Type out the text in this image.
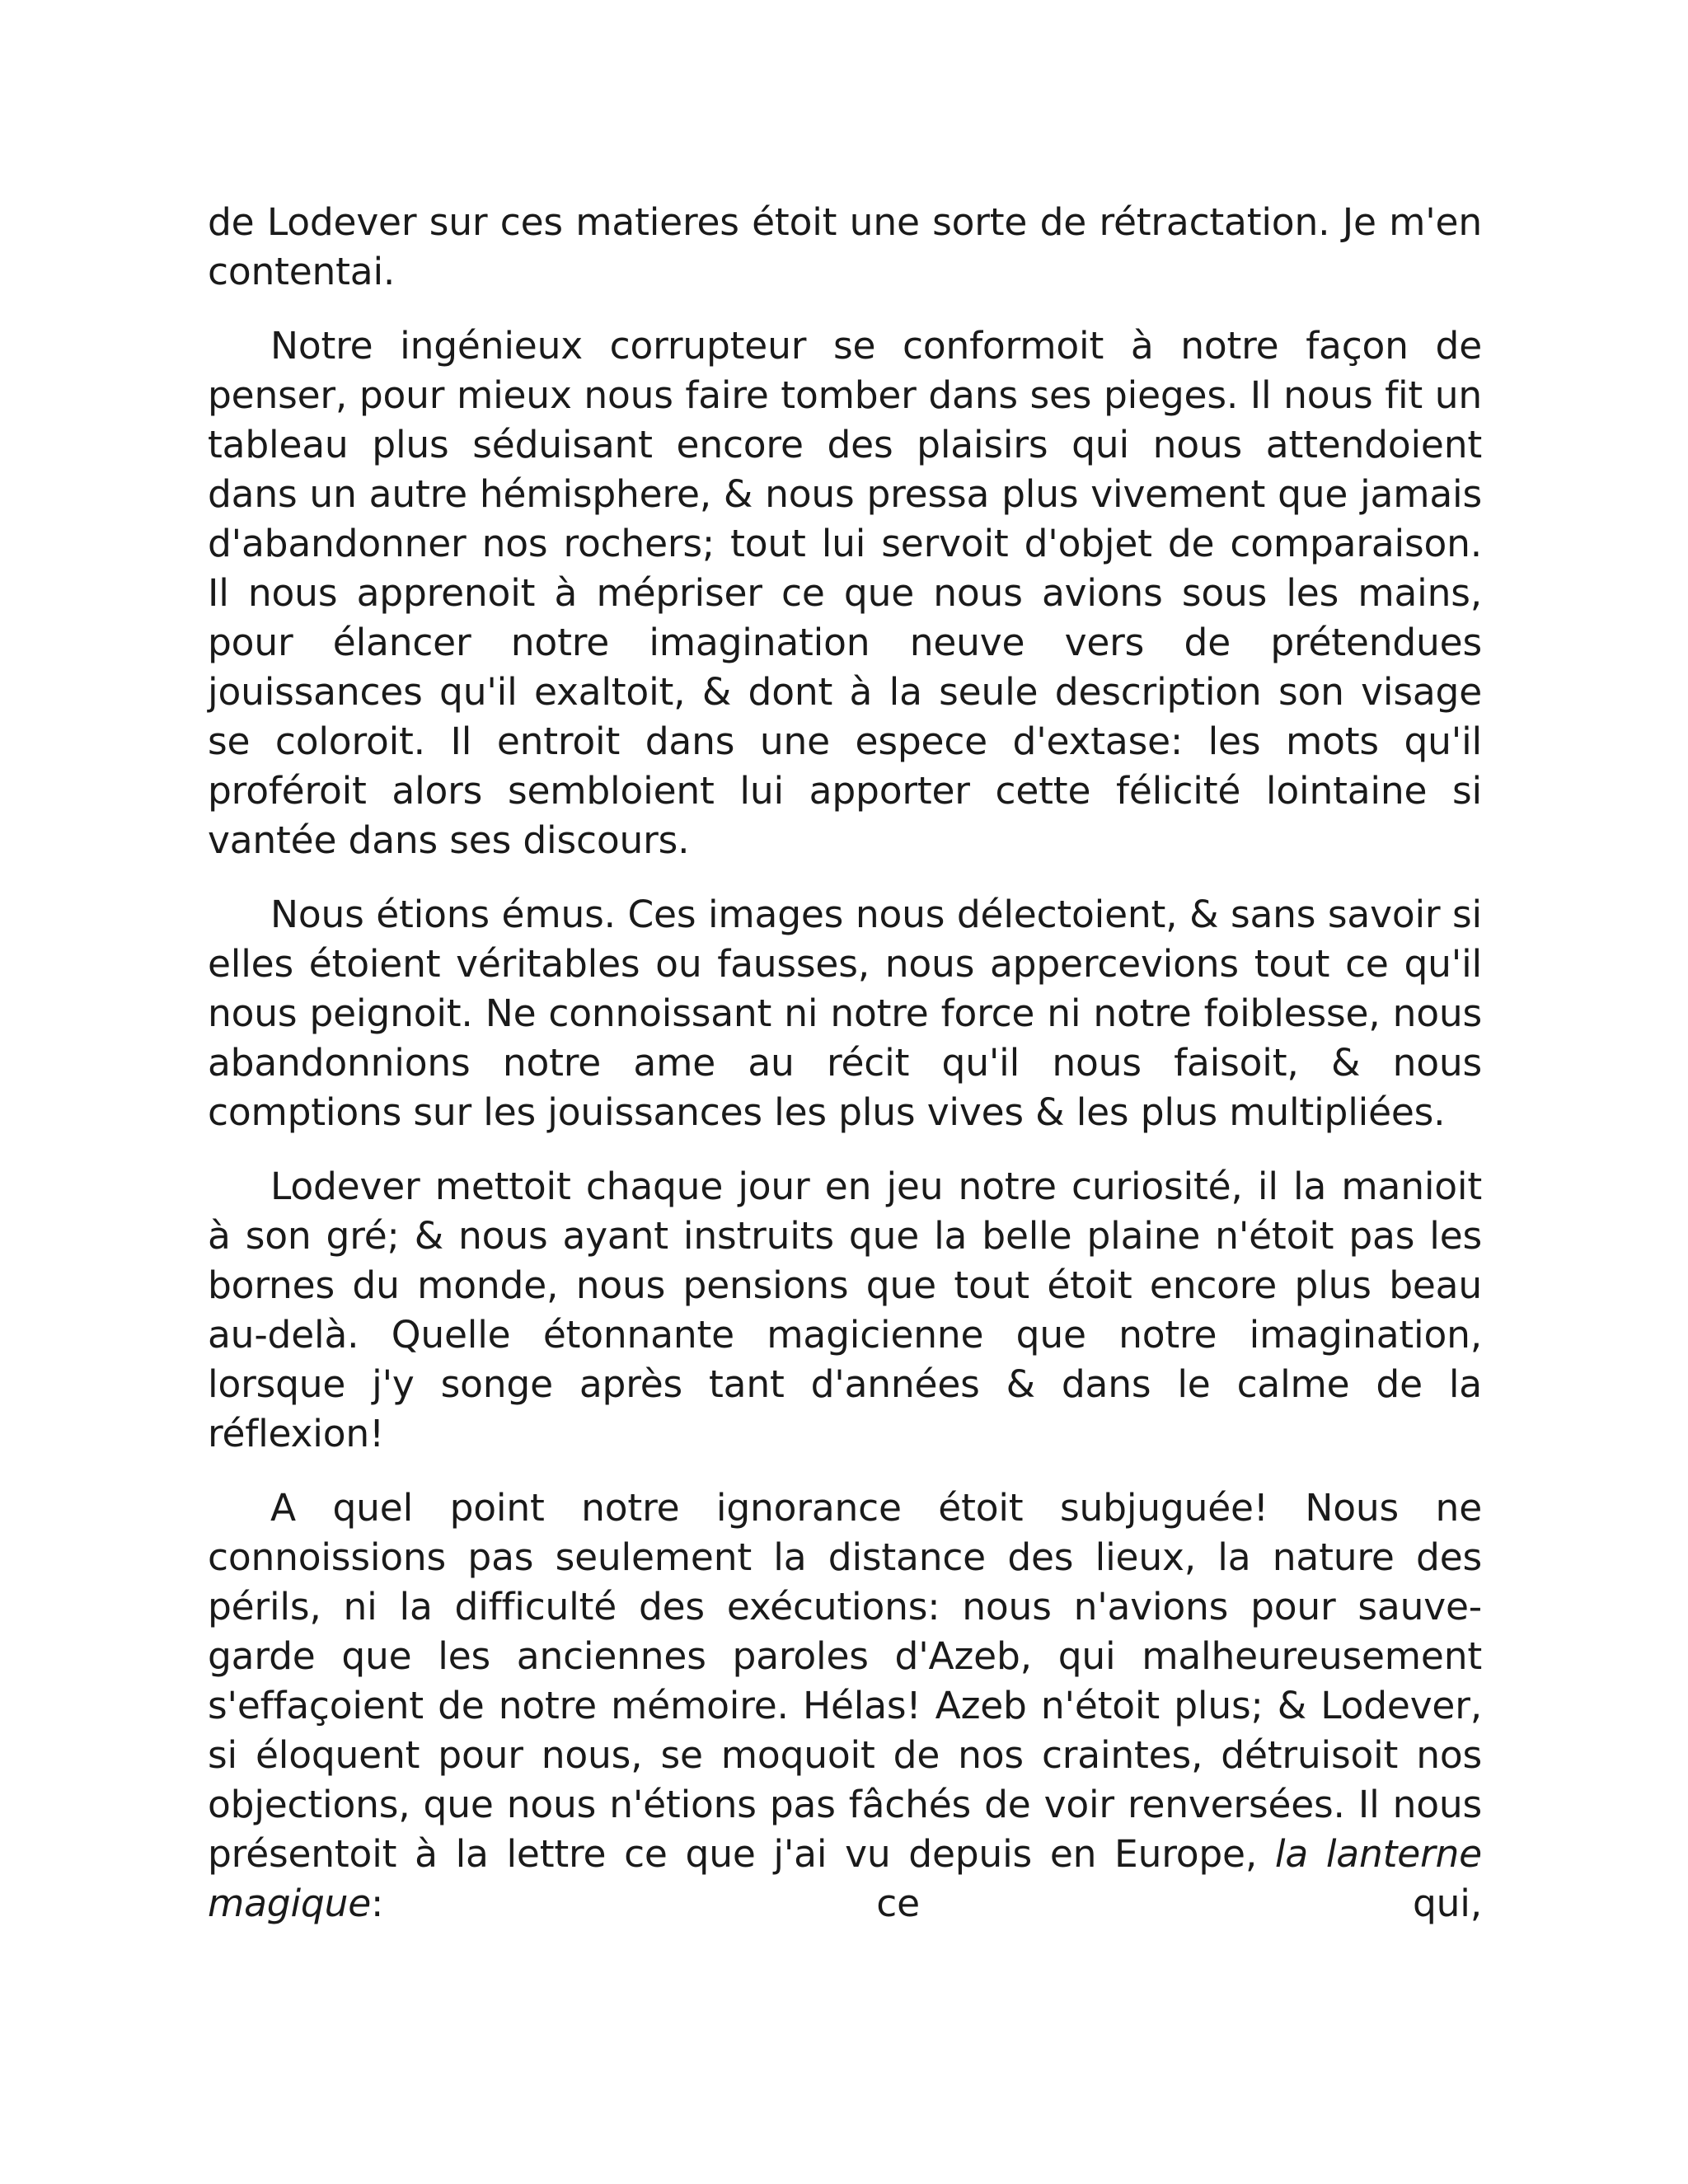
de Lodever sur ces matieres étoit une sorte de rétractation. Je m'en contentai.

Notre ingénieux corrupteur se conformoit à notre façon de penser, pour mieux nous faire tomber dans ses pieges. Il nous fit un tableau plus séduisant encore des plaisirs qui nous attendoient dans un autre hémisphere, & nous pressa plus vivement que jamais d'abandonner nos rochers; tout lui servoit d'objet de comparaison. Il nous apprenoit à mépriser ce que nous avions sous les mains, pour élancer notre imagination neuve vers de prétendues jouissances qu'il exaltoit, & dont à la seule description son visage se coloroit. Il entroit dans une espece d'extase: les mots qu'il proféroit alors sembloient lui apporter cette félicité lointaine si vantée dans ses discours.

Nous étions émus. Ces images nous délectoient, & sans savoir si elles étoient véritables ou fausses, nous appercevions tout ce qu'il nous peignoit. Ne connoissant ni notre force ni notre foiblesse, nous abandonnions notre ame au récit qu'il nous faisoit, & nous comptions sur les jouissances les plus vives & les plus multipliées.

Lodever mettoit chaque jour en jeu notre curiosité, il la manioit à son gré; & nous ayant instruits que la belle plaine n'étoit pas les bornes du monde, nous pensions que tout étoit encore plus beau au-delà. Quelle étonnante magicienne que notre imagination, lorsque j'y songe après tant d'années & dans le calme de la réflexion!

A quel point notre ignorance étoit subjuguée! Nous ne connoissions pas seulement la distance des lieux, la nature des périls, ni la difficulté des exécutions: nous n'avions pour sauve-garde que les anciennes paroles d'Azeb, qui malheureusement s'effaçoient de notre mémoire. Hélas! Azeb n'étoit plus; & Lodever, si éloquent pour nous, se moquoit de nos craintes, détruisoit nos objections, que nous n'étions pas fâchés de voir renversées. Il nous présentoit à la lettre ce que j'ai vu depuis en Europe, la lanterne magique: ce qui,
